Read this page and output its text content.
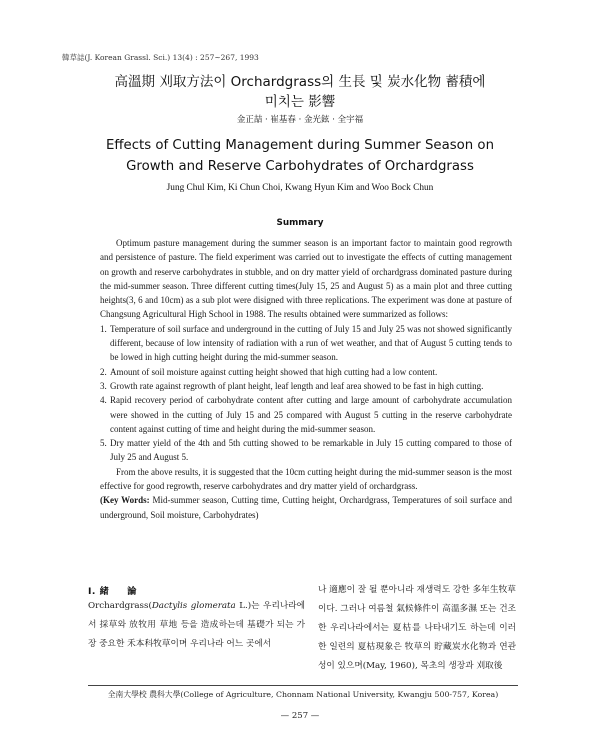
韓草誌(J. Korean Grassl. Sci.) 13(4) : 257~267, 1993
高溫期 刈取方法이 Orchardgrass의 生長 및 炭水化物 蓄積에
미치는 影響
金正喆 · 崔基春 · 金光鉉 · 全宇福
Effects of Cutting Management during Summer Season on
Growth and Reserve Carbohydrates of Orchardgrass
Jung Chul Kim, Ki Chun Choi, Kwang Hyun Kim and Woo Bock Chun
Summary

Optimum pasture management during the summer season is an important factor to maintain good regrowth and persistence of pasture. The field experiment was carried out to investigate the effects of cutting management on growth and reserve carbohydrates in stubble, and on dry matter yield of orchardgrass dominated pasture during the mid-summer season. Three different cutting times(July 15, 25 and August 5) as a main plot and three cutting heights(3, 6 and 10cm) as a sub plot were disigned with three replications. The experiment was done at pasture of Changsung Agricultural High School in 1988. The results obtained were summarized as follows:

1. Temperature of soil surface and underground in the cutting of July 15 and July 25 was not showed significantly different, because of low intensity of radiation with a run of wet weather, and that of August 5 cutting tends to be lowed in high cutting height during the mid-summer season.
2. Amount of soil moisture against cutting height showed that high cutting had a low content.
3. Growth rate against regrowth of plant height, leaf length and leaf area showed to be fast in high cutting.
4. Rapid recovery period of carbohydrate content after cutting and large amount of carbohydrate accumulation were showed in the cutting of July 15 and 25 compared with August 5 cutting in the reserve carbohydrate content against cutting of time and height during the mid-summer season.
5. Dry matter yield of the 4th and 5th cutting showed to be remarkable in July 15 cutting compared to those of July 25 and August 5.

From the above results, it is suggested that the 10cm cutting height during the mid-summer season is the most effective for good regrowth, reserve carbohydrates and dry matter yield of orchardgrass.

(Key Words: Mid-summer season, Cutting time, Cutting height, Orchardgrass, Temperatures of soil surface and underground, Soil moisture, Carbohydrates)

I. 緒 論

Orchardgrass(Dactylis glomerata L.)는 우리나라에서 採草와 放牧用 草地 등을 造成하는데 基礎가 되는 가장 중요한 禾本科牧草이며 우리나라 어느 곳에서

나 適應이 잘 될 뿐아니라 재생력도 강한 多年生牧草이다. 그러나 여름철 氣候條件이 高溫多濕 또는 건조한 우리나라에서는 夏枯를 나타내기도 하는데 이러한 일련의 夏枯現象은 牧草의 貯藏炭水化物과 연관성이 있으며(May, 1960), 목초의 생장과 刈取後

全南大學校 農科大學(College of Agriculture, Chonnam National University, Kwangju 500-757, Korea)
— 257 —
